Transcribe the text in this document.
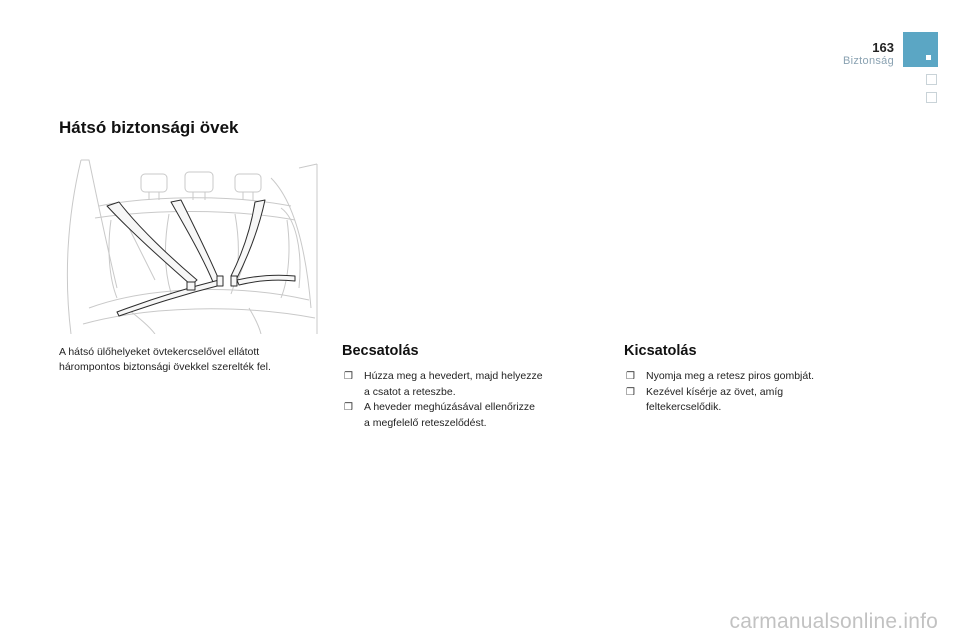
163
Biztonság
Hátsó biztonsági övek

A hátsó ülőhelyeket övtekercselővel ellátott
hárompontos biztonsági övekkel szerelték fel.

Becsatolás
❒ Húzza meg a hevedert, majd helyezze
a csatot a reteszbe.
❒ A heveder meghúzásával ellenőrizze
a megfelelő reteszelődést.
Kicsatolás
❒ Nyomja meg a retesz piros gombját.
❒ Kezével kísérje az övet, amíg
feltekercselődik.
carmanualsonline.info
